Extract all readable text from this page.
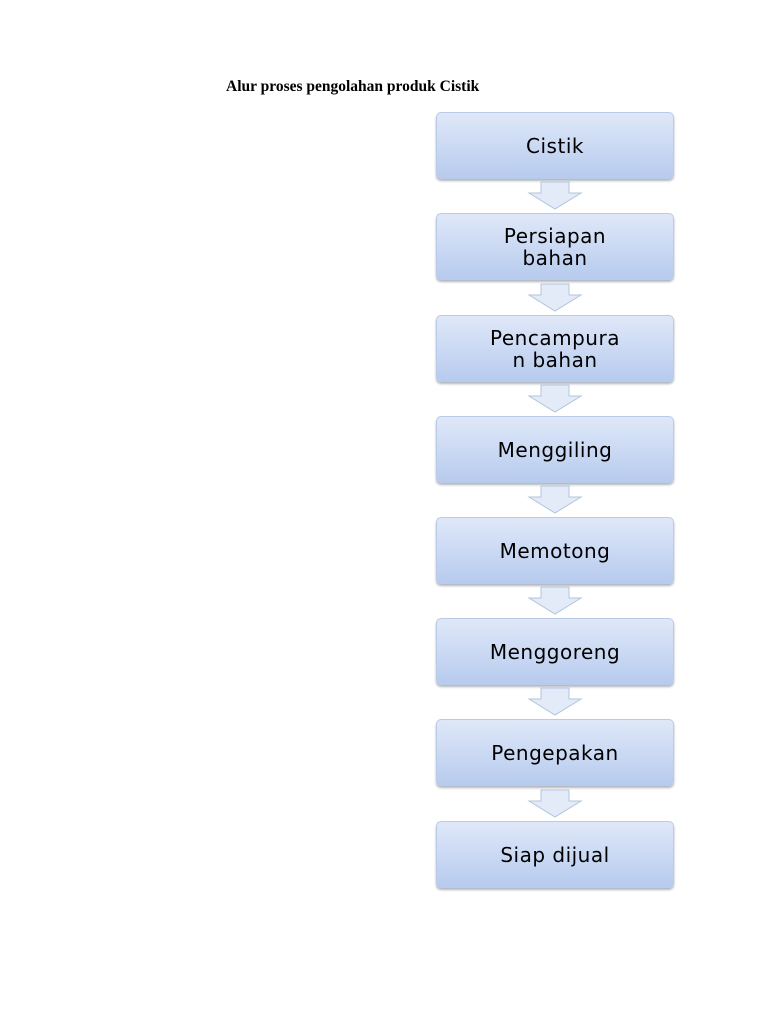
Alur proses pengolahan produk Cistik
Cistik
Persiapan
bahan
Pencampura
n bahan
Menggiling
Memotong
Menggoreng
Pengepakan
Siap dijual
